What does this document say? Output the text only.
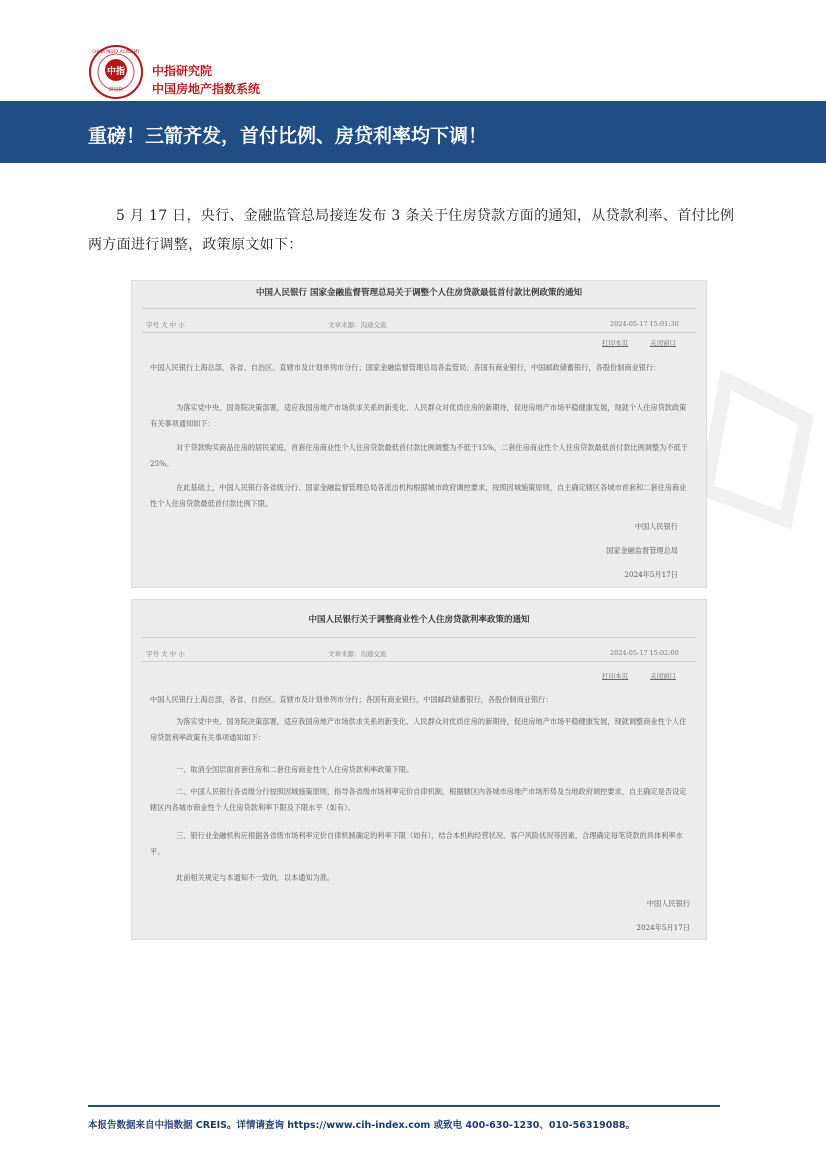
中指
研究院
CHINA INDEX ACADEMY
中指研究院
中国房地产指数系统
重磅！三箭齐发，首付比例、房贷利率均下调！
5 月 17 日，央行、金融监管总局接连发布 3 条关于住房贷款方面的通知，从贷款利率、首付比例两方面进行调整，政策原文如下：
中国人民银行 国家金融监督管理总局关于调整个人住房贷款最低首付款比例政策的通知
字号 大 中 小	文章来源：沟通交流	2024-05-17 15:01:30
打印本页	关闭窗口
中国人民银行上海总部，各省、自治区、直辖市及计划单列市分行；国家金融监督管理总局各监管局；各国有商业银行，中国邮政储蓄银行，各股份制商业银行：
为落实党中央、国务院决策部署，适应我国房地产市场供求关系的新变化、人民群众对优质住房的新期待，促进房地产市场平稳健康发展，现就个人住房贷款政策有关事项通知如下：
对于贷款购买商品住房的居民家庭，首套住房商业性个人住房贷款最低首付款比例调整为不低于15%，二套住房商业性个人住房贷款最低首付款比例调整为不低于25%。
在此基础上，中国人民银行各省级分行、国家金融监督管理总局各派出机构根据城市政府调控要求，按照因城施策原则，自主确定辖区各城市首套和二套住房商业性个人住房贷款最低首付款比例下限。
中国人民银行
国家金融监督管理总局
2024年5月17日
中国人民银行关于调整商业性个人住房贷款利率政策的通知
字号 大 中 小	文章来源：沟通交流	2024-05-17 15:02:00
打印本页	关闭窗口
中国人民银行上海总部，各省、自治区、直辖市及计划单列市分行；各国有商业银行，中国邮政储蓄银行，各股份制商业银行：
为落实党中央、国务院决策部署，适应我国房地产市场供求关系的新变化、人民群众对优质住房的新期待，促进房地产市场平稳健康发展，现就调整商业性个人住房贷款利率政策有关事项通知如下：
一、取消全国层面首套住房和二套住房商业性个人住房贷款利率政策下限。
二、中国人民银行各省级分行按照因城施策原则，指导各省级市场利率定价自律机制，根据辖区内各城市房地产市场形势及当地政府调控要求，自主确定是否设定辖区内各城市商业性个人住房贷款利率下限及下限水平（如有）。
三、银行业金融机构应根据各省级市场利率定价自律机制确定的利率下限（如有），结合本机构经营状况、客户风险状况等因素，合理确定每笔贷款的具体利率水平。
此前相关规定与本通知不一致的，以本通知为准。
中国人民银行
2024年5月17日
本报告数据来自中指数据 CREIS。详情请查询 https://www.cih-index.com 或致电 400-630-1230、010-56319088。
